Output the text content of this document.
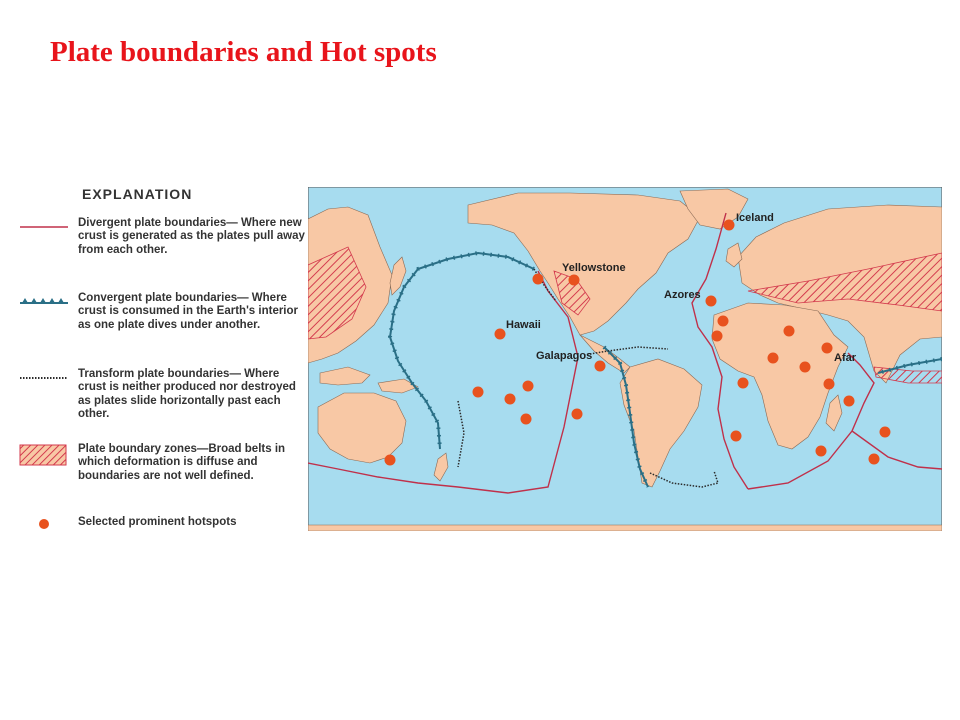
Plate boundaries and Hot spots
EXPLANATION
Divergent plate boundaries— Where new crust is generated as the plates pull away from each other.
Convergent plate boundaries— Where crust is consumed in the Earth's interior as one plate dives under another.
Transform plate boundaries— Where crust is neither produced nor destroyed as plates slide horizontally past each other.
Plate boundary zones—Broad belts in which deformation is diffuse and boundaries are not well defined.
Selected prominent hotspots
Iceland
Yellowstone
Azores
Hawaii
Galapagos	Afar
